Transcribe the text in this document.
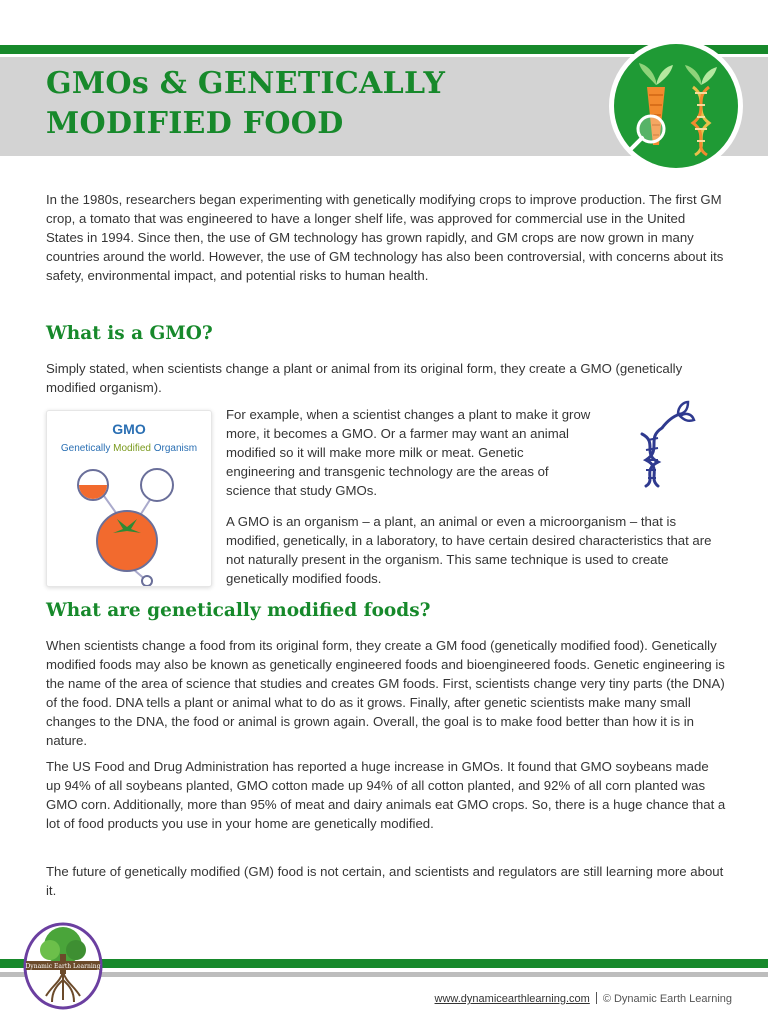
GMOs & GENETICALLY
MODIFIED FOOD

In the 1980s, researchers began experimenting with genetically modifying crops to improve production. The first GM crop, a tomato that was engineered to have a longer shelf life, was approved for commercial use in the United States in 1994. Since then, the use of GM technology has grown rapidly, and GM crops are now grown in many countries around the world. However, the use of GM technology has also been controversial, with concerns about its safety, environmental impact, and potential risks to human health.

What is a GMO?

Simply stated, when scientists change a plant or animal from its original form, they create a GMO (genetically modified organism).

GMO
Genetically Modified Organism

For example, when a scientist changes a plant to make it grow more, it becomes a GMO. Or a farmer may want an animal modified so it will make more milk or meat. Genetic engineering and transgenic technology are the areas of science that study GMOs.

A GMO is an organism – a plant, an animal or even a microorganism – that is modified, genetically, in a laboratory, to have certain desired characteristics that are not naturally present in the organism. This same technique is used to create genetically modified foods.

What are genetically modified foods?

When scientists change a food from its original form, they create a GM food (genetically modified food). Genetically modified foods may also be known as genetically engineered foods and bioengineered foods. Genetic engineering is the name of the area of science that studies and creates GM foods. First, scientists change very tiny parts (the DNA) of the food. DNA tells a plant or animal what to do as it grows. Finally, after genetic scientists make many small changes to the DNA, the food or animal is grown again. Overall, the goal is to make food better than how it is in nature.

The US Food and Drug Administration has reported a huge increase in GMOs. It found that GMO soybeans made up 94% of all soybeans planted, GMO cotton made up 94% of all cotton planted, and 92% of all corn planted was GMO corn. Additionally, more than 95% of meat and dairy animals eat GMO crops. So, there is a huge chance that a lot of food products you use in your home are genetically modified.

The future of genetically modified (GM) food is not certain, and scientists and regulators are still learning more about it.

Dynamic Earth Learning
www.dynamicearthlearning.com © Dynamic Earth Learning
